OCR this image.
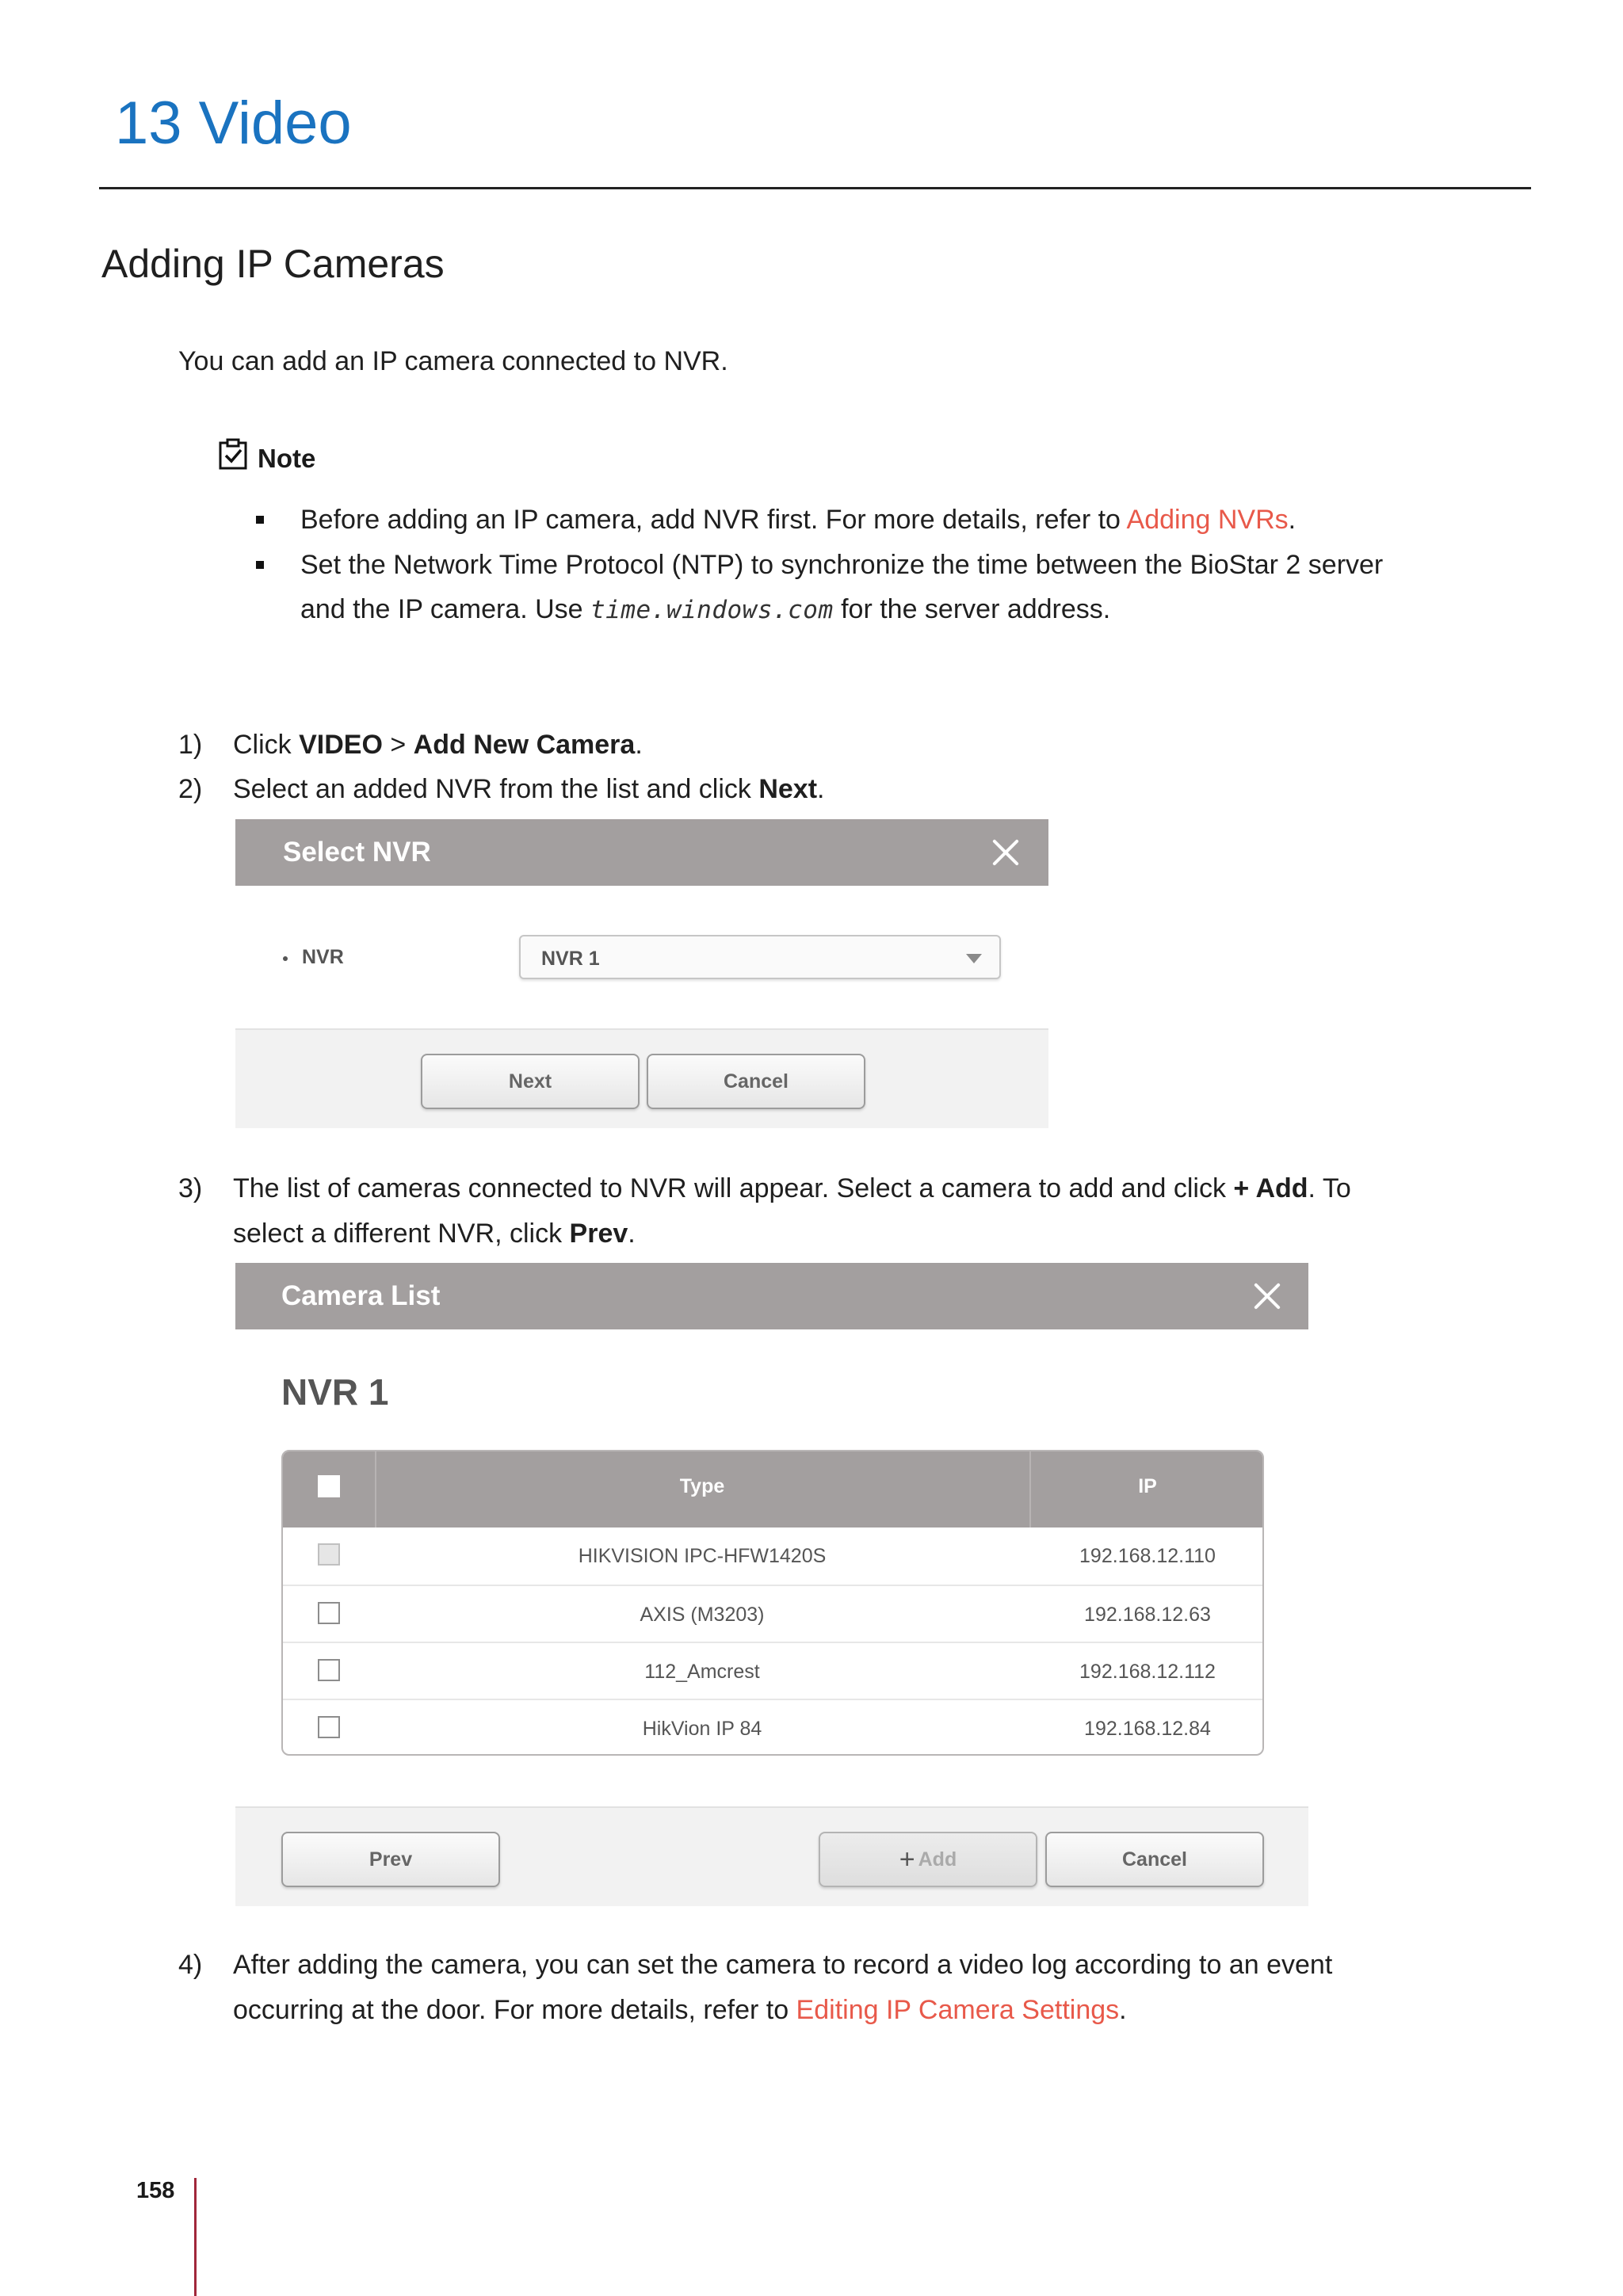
13 Video
Adding IP Cameras
You can add an IP camera connected to NVR.
Note
Before adding an IP camera, add NVR first. For more details, refer to Adding NVRs.
Set the Network Time Protocol (NTP) to synchronize the time between the BioStar 2 server
and the IP camera. Use time.windows.com for the server address.
1) Click VIDEO > Add New Camera.
2) Select an added NVR from the list and click Next.
Select NVR
NVR	NVR 1
Next	Cancel
3) The list of cameras connected to NVR will appear. Select a camera to add and click + Add. To
select a different NVR, click Prev.
Camera List
NVR 1
Type	IP
HIKVISION IPC-HFW1420S	192.168.12.110
AXIS (M3203)	192.168.12.63
112_Amcrest	192.168.12.112
HikVion IP 84	192.168.12.84
Prev	+ Add	Cancel
4) After adding the camera, you can set the camera to record a video log according to an event
occurring at the door. For more details, refer to Editing IP Camera Settings.
158
